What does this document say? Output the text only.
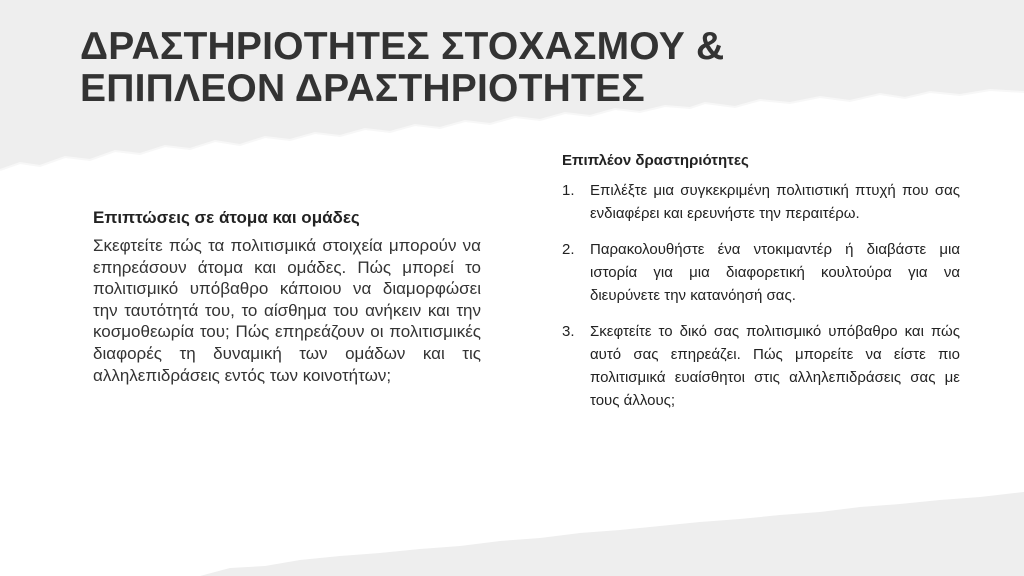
ΔΡΑΣΤΗΡΙΟΤΗΤΕΣ ΣΤΟΧΑΣΜΟΥ &
ΕΠΙΠΛΕΟΝ ΔΡΑΣΤΗΡΙΟΤΗΤΕΣ
Επιπτώσεις σε άτομα και ομάδες

Σκεφτείτε πώς τα πολιτισμικά στοιχεία μπορούν να επηρεάσουν άτομα και ομάδες. Πώς μπορεί το πολιτισμικό υπόβαθρο κάποιου να διαμορφώσει την ταυτότητά του, το αίσθημα του ανήκειν και την κοσμοθεωρία του; Πώς επηρεάζουν οι πολιτισμικές διαφορές τη δυναμική των ομάδων και τις αλληλεπιδράσεις εντός των κοινοτήτων;

Επιπλέον δραστηριότητες
1.	Επιλέξτε μια συγκεκριμένη πολιτιστική πτυχή που σας ενδιαφέρει και ερευνήστε την περαιτέρω.
2.	Παρακολουθήστε ένα ντοκιμαντέρ ή διαβάστε μια ιστορία για μια διαφορετική κουλτούρα για να διευρύνετε την κατανόησή σας.
3.	Σκεφτείτε το δικό σας πολιτισμικό υπόβαθρο και πώς αυτό σας επηρεάζει. Πώς μπορείτε να είστε πιο πολιτισμικά ευαίσθητοι στις αλληλεπιδράσεις σας με τους άλλους;
